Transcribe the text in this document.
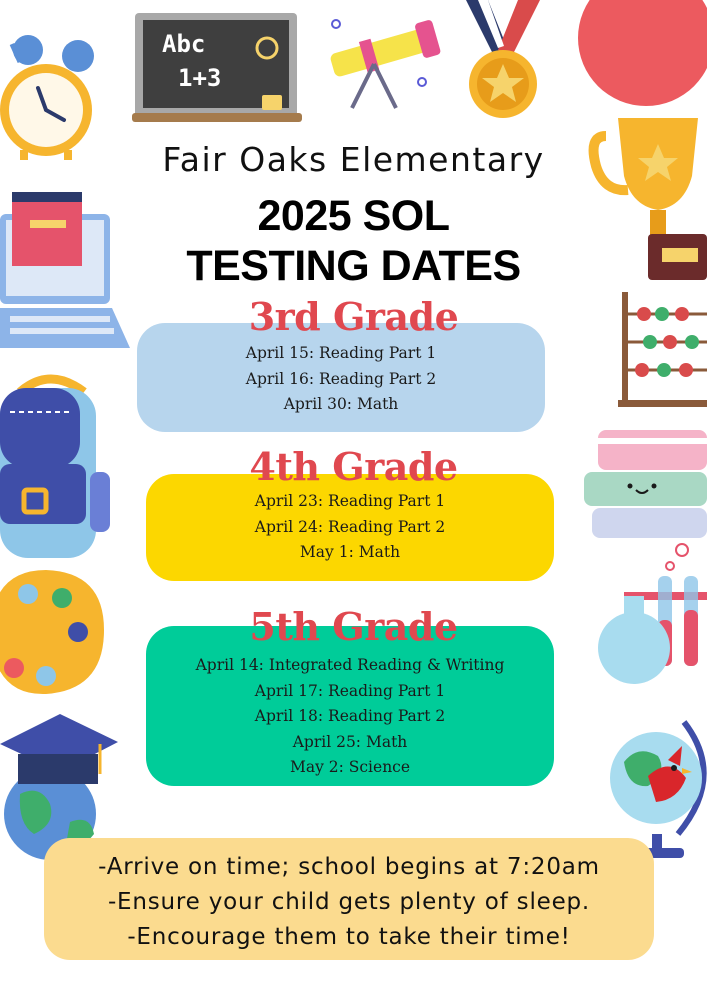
Abc
1+3
Fair Oaks Elementary
2025 SOL
TESTING DATES
April 15: Reading Part 1
April 16: Reading Part 2
April 30: Math
3rd Grade
April 23: Reading Part 1
April 24: Reading Part 2
May 1: Math
4th Grade
April 14: Integrated Reading & Writing
April 17: Reading Part 1
April 18: Reading Part 2
April 25: Math
May 2: Science
5th Grade
-Arrive on time; school begins at 7:20am
-Ensure your child gets plenty of sleep.
-Encourage them to take their time!
